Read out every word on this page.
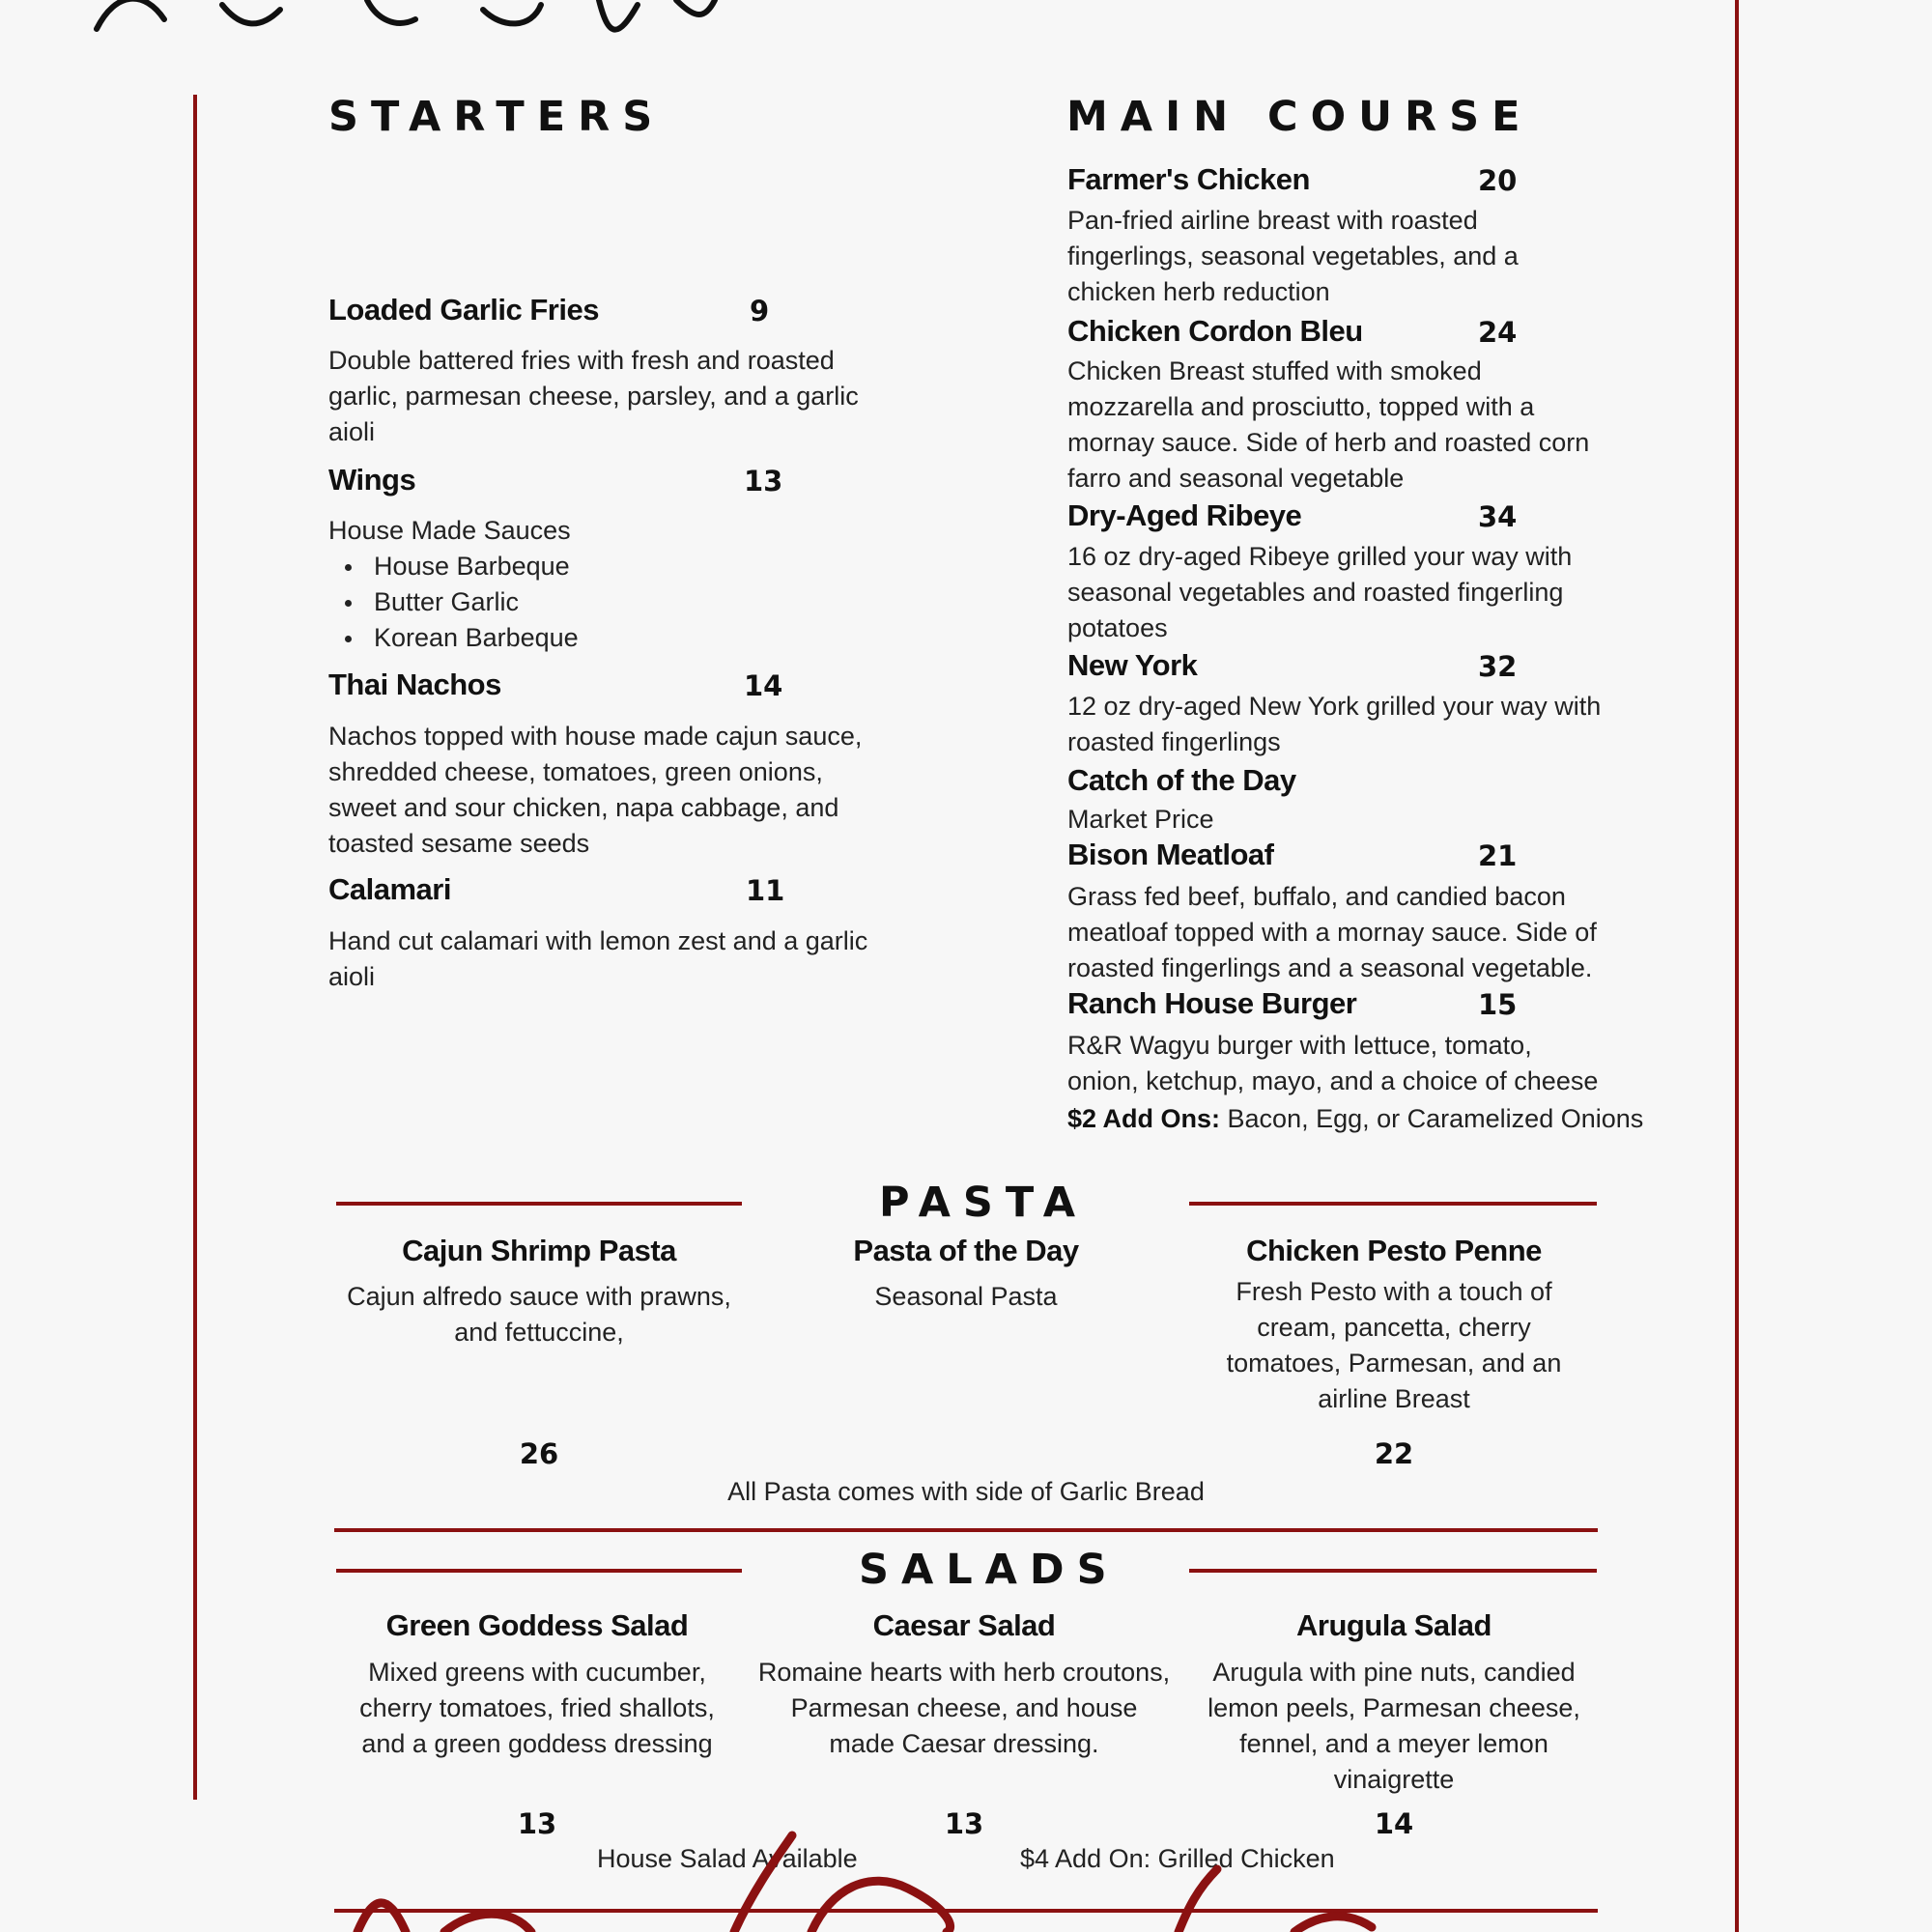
STARTERS
Loaded Garlic Fries	9
Double battered fries with fresh and roasted garlic, parmesan cheese, parsley, and a garlic aioli
Wings	13
House Made Sauces
House Barbeque
Butter Garlic
Korean Barbeque
Thai Nachos	14
Nachos topped with house made cajun sauce, shredded cheese, tomatoes, green onions, sweet and sour chicken, napa cabbage, and toasted sesame seeds
Calamari	11
Hand cut calamari with lemon zest and a garlic aioli
MAIN COURSE
Farmer's Chicken	20
Pan-fried airline breast with roasted fingerlings, seasonal vegetables, and a chicken herb reduction
Chicken Cordon Bleu	24
Chicken Breast stuffed with smoked mozzarella and prosciutto, topped with a mornay sauce. Side of herb and roasted corn farro and seasonal vegetable
Dry-Aged Ribeye	34
16 oz dry-aged Ribeye grilled your way with seasonal vegetables and roasted fingerling potatoes
New York	32
12 oz dry-aged New York grilled your way with roasted fingerlings
Catch of the Day
Market Price
Bison Meatloaf	21
Grass fed beef, buffalo, and candied bacon meatloaf topped with a mornay sauce. Side of roasted fingerlings and a seasonal vegetable.
Ranch House Burger	15
R&R Wagyu burger with lettuce, tomato, onion, ketchup, mayo, and a choice of cheese
$2 Add Ons: Bacon, Egg, or Caramelized Onions
PASTA
Cajun Shrimp Pasta
Cajun alfredo sauce with prawns, and fettuccine,
26
Pasta of the Day
Seasonal Pasta
Chicken Pesto Penne
Fresh Pesto with a touch of cream, pancetta, cherry tomatoes, Parmesan, and an airline Breast
22
All Pasta comes with side of Garlic Bread
SALADS
Green Goddess Salad
Mixed greens with cucumber, cherry tomatoes, fried shallots, and a green goddess dressing
13
Caesar Salad
Romaine hearts with herb croutons, Parmesan cheese, and house made Caesar dressing.
13
Arugula Salad
Arugula with pine nuts, candied lemon peels, Parmesan cheese, fennel, and a meyer lemon vinaigrette
14
House Salad Available	$4 Add On: Grilled Chicken
